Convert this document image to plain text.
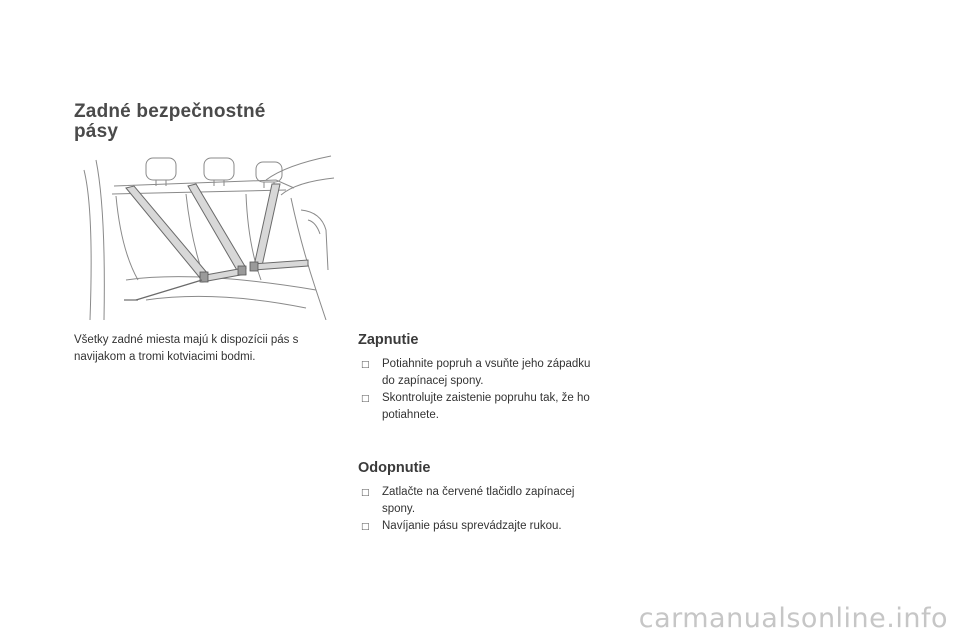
Zadné bezpečnostné
pásy
Všetky zadné miesta majú k dispozícii pás s
navijakom a tromi kotviacimi bodmi.
Zapnutie
□ Potiahnite popruh a vsuňte jeho západku
do zapínacej spony.
□ Skontrolujte zaistenie popruhu tak, že ho
potiahnete.
Odopnutie
□ Zatlačte na červené tlačidlo zapínacej
spony.
□ Navíjanie pásu sprevádzajte rukou.
carmanualsonline.info
